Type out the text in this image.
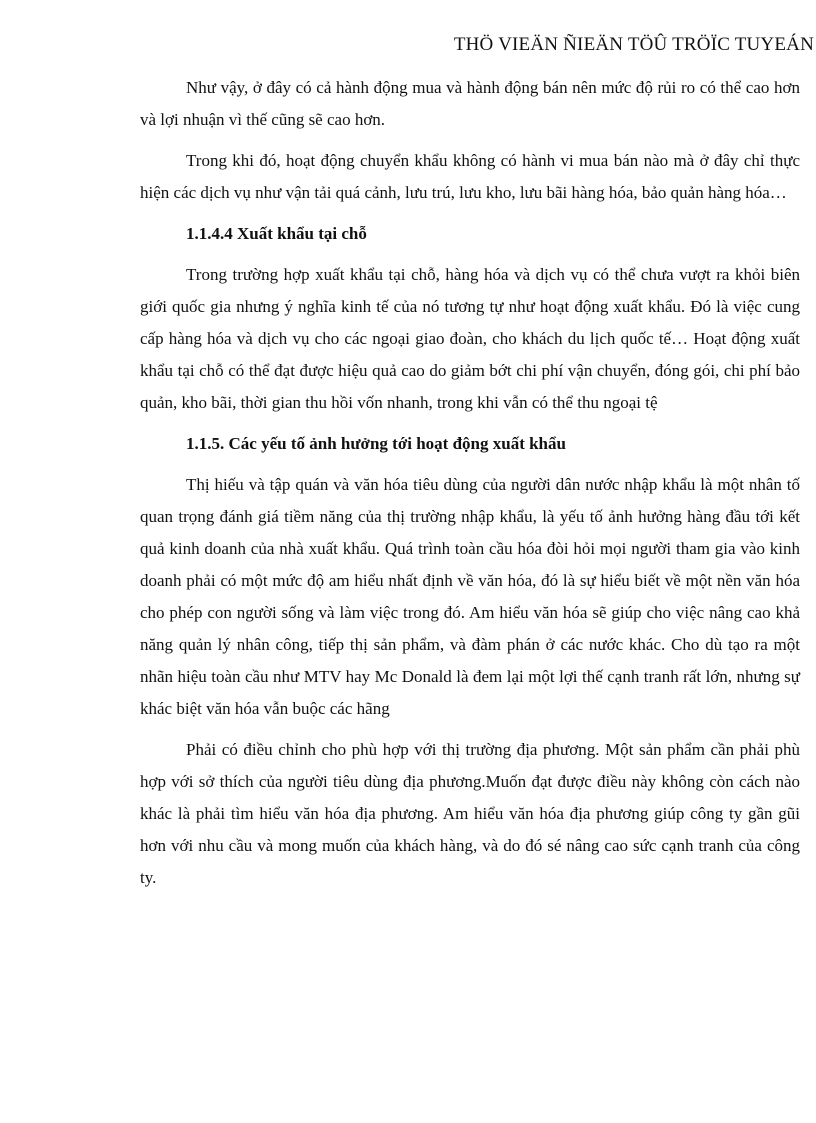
THÖ VIEÄN ÑIEÄN TÖÛ TRÖÏC TUYEÁN

Như vậy, ở đây có cả hành động mua và hành động bán nên mức độ rủi ro có thể cao hơn và lợi nhuận vì thế cũng sẽ cao hơn.

Trong khi đó, hoạt động chuyển khẩu không có hành vi mua bán nào mà ở đây chỉ thực hiện các dịch vụ như vận tải quá cảnh, lưu trú, lưu kho, lưu bãi hàng hóa, bảo quản hàng hóa…

1.1.4.4 Xuất khẩu tại chỗ

Trong trường hợp xuất khẩu tại chỗ, hàng hóa và dịch vụ có thể chưa vượt ra khỏi biên giới quốc gia nhưng ý nghĩa kinh tế của nó tương tự như hoạt động xuất khẩu. Đó là việc cung cấp hàng hóa và dịch vụ cho các ngoại giao đoàn, cho khách du lịch quốc tế… Hoạt động xuất khẩu tại chỗ có thể đạt được hiệu quả cao do giảm bớt chi phí vận chuyển, đóng gói, chi phí bảo quản, kho bãi, thời gian thu hồi vốn nhanh, trong khi vẫn có thể thu ngoại tệ

1.1.5. Các yếu tố ảnh hưởng tới hoạt động xuất khẩu

Thị hiếu và tập quán và văn hóa tiêu dùng của người dân nước nhập khẩu là một nhân tố quan trọng đánh giá tiềm năng của thị trường nhập khẩu, là yếu tố ảnh hưởng hàng đầu tới kết quả kinh doanh của nhà xuất khẩu. Quá trình toàn cầu hóa đòi hỏi mọi người tham gia vào kinh doanh phải có một mức độ am hiểu nhất định về văn hóa, đó là sự hiểu biết về một nền văn hóa cho phép con người sống và làm việc trong đó. Am hiểu văn hóa sẽ giúp cho việc nâng cao khả năng quản lý nhân công, tiếp thị sản phẩm, và đàm phán ở các nước khác. Cho dù tạo ra một nhãn hiệu toàn cầu như MTV hay Mc Donald là đem lại một lợi thế cạnh tranh rất lớn, nhưng sự khác biệt văn hóa vẫn buộc các hãng

Phải có điều chỉnh cho phù hợp với thị trường địa phương. Một sản phẩm cần phải phù hợp với sở thích của người tiêu dùng địa phương.Muốn đạt được điều này không còn cách nào khác là phải tìm hiểu văn hóa địa phương. Am hiểu văn hóa địa phương giúp công ty gần gũi hơn với nhu cầu và mong muốn của khách hàng, và do đó sé nâng cao sức cạnh tranh của công ty.
